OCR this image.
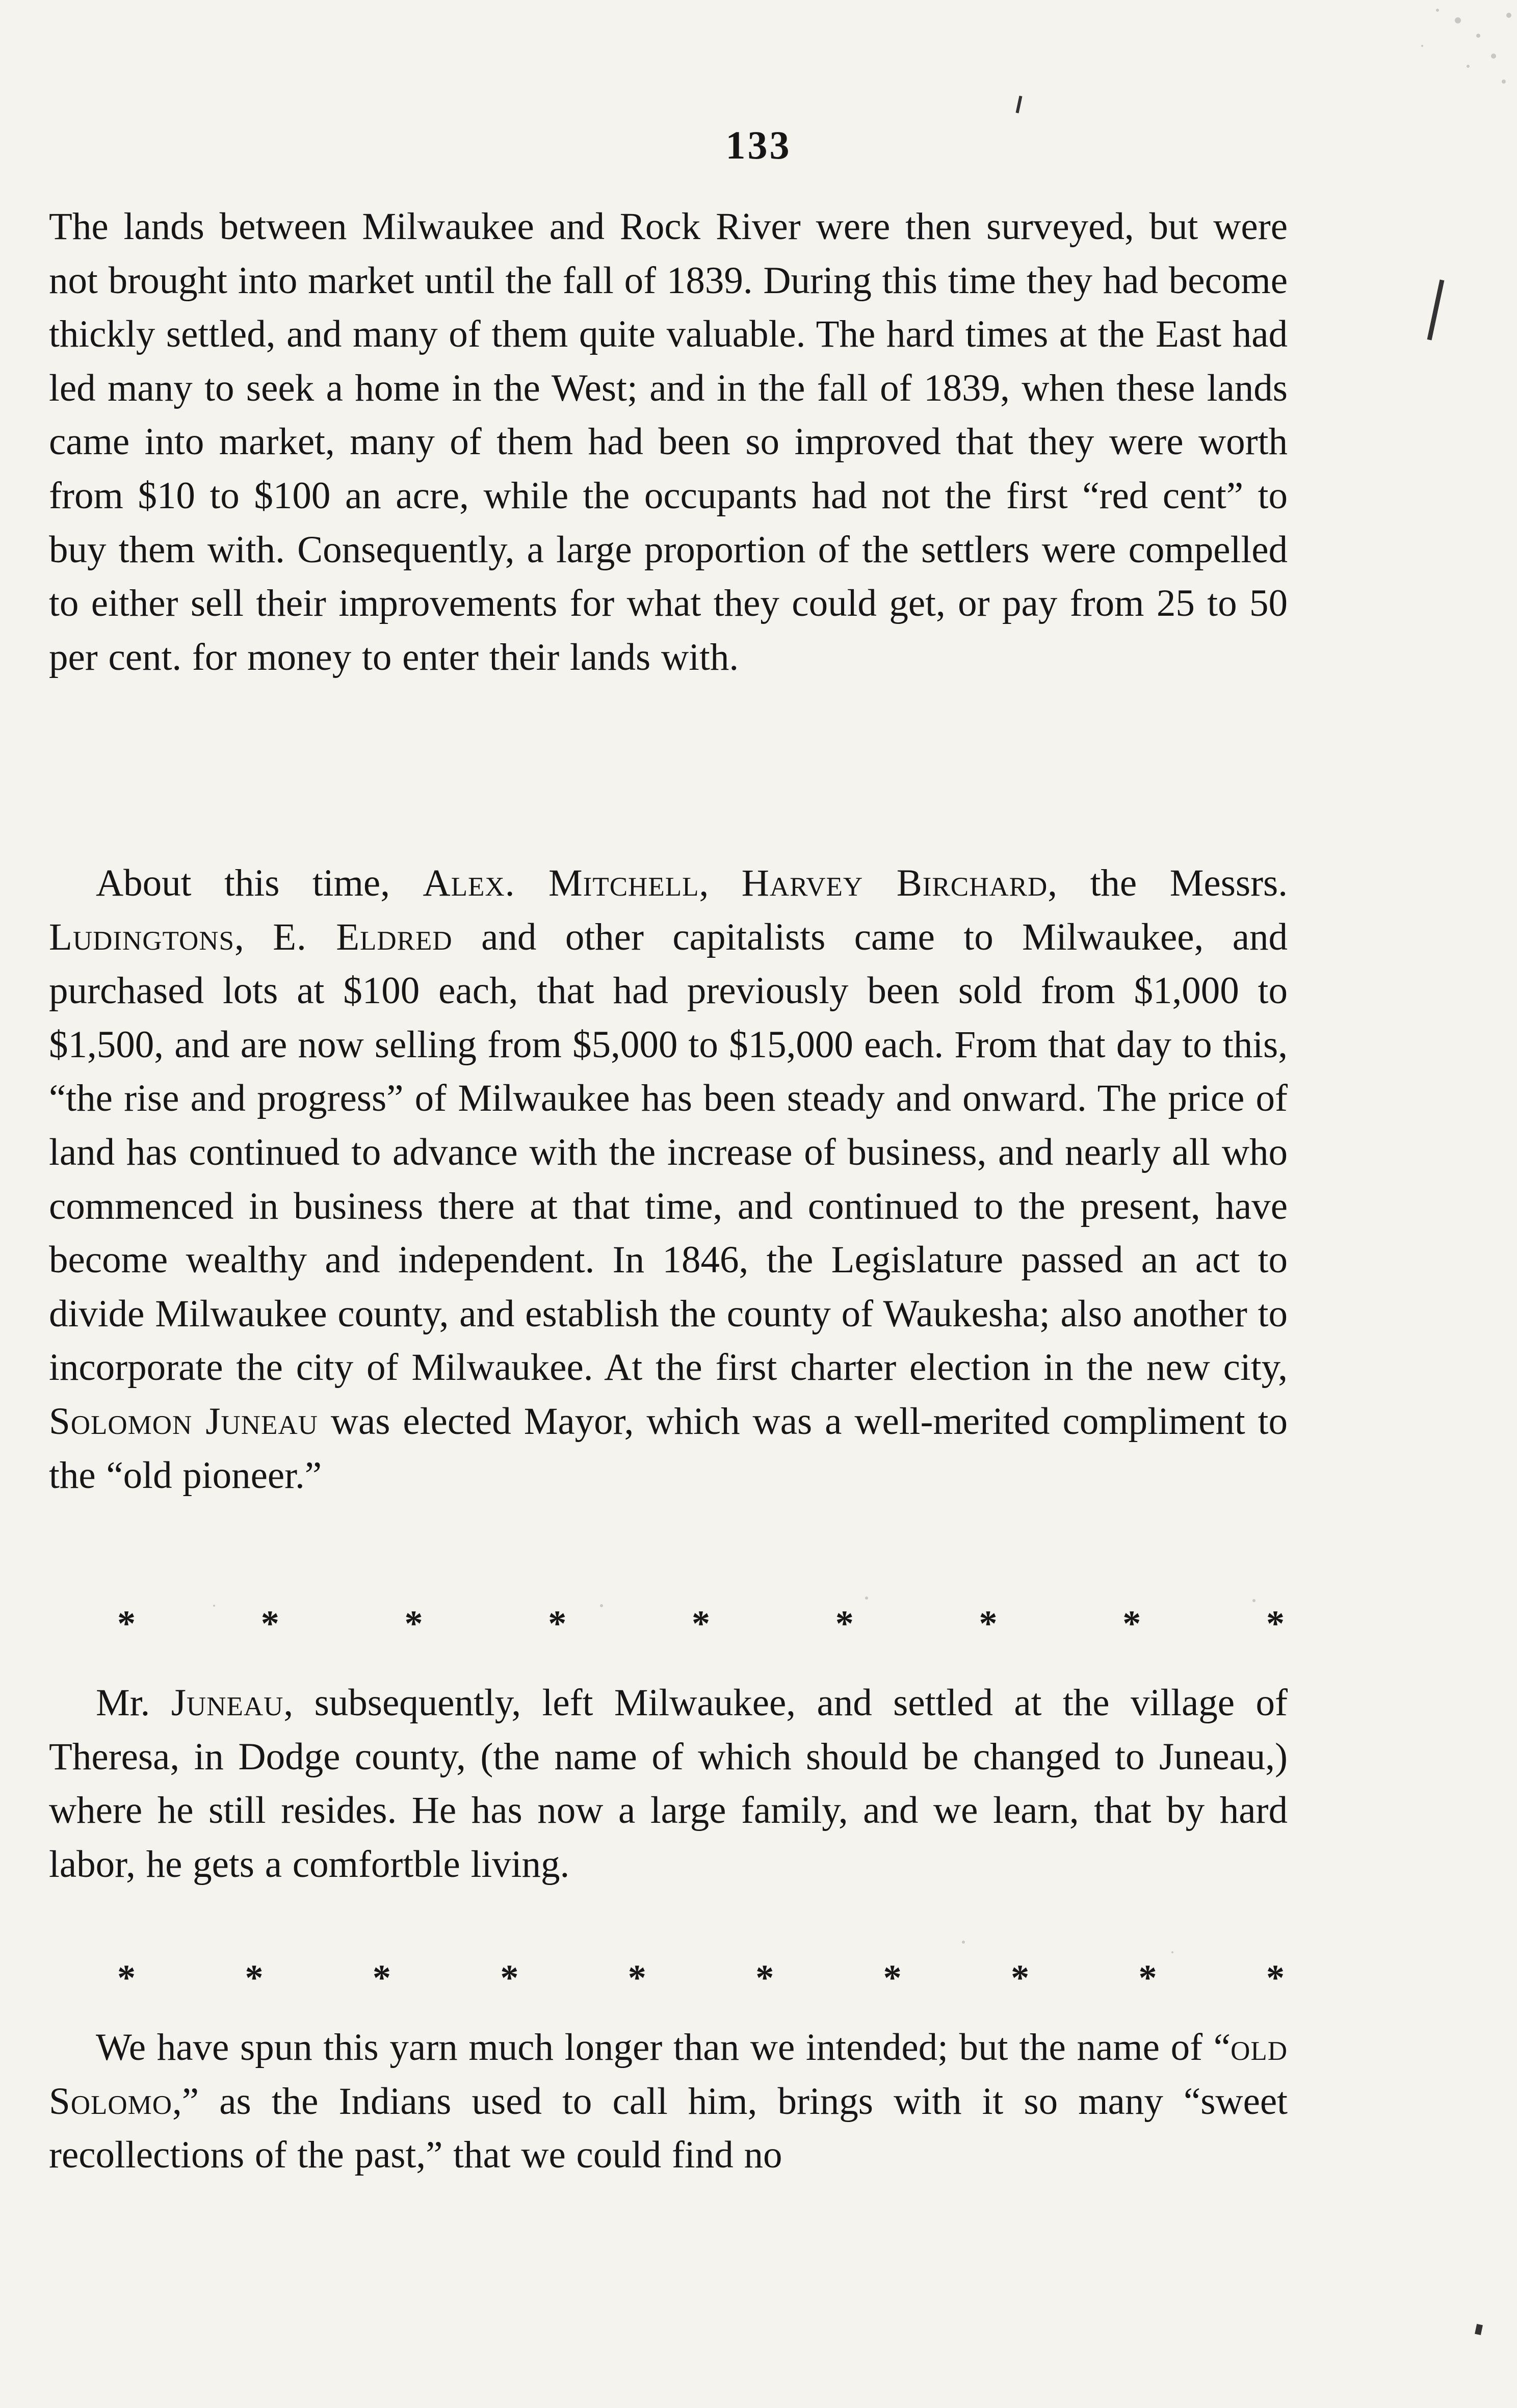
133

The lands between Milwaukee and Rock River were then surveyed, but were not brought into market until the fall of 1839. During this time they had become thickly settled, and many of them quite valuable. The hard times at the East had led many to seek a home in the West; and in the fall of 1839, when these lands came into market, many of them had been so improved that they were worth from $10 to $100 an acre, while the occupants had not the first “red cent” to buy them with. Consequently, a large proportion of the settlers were compelled to either sell their improvements for what they could get, or pay from 25 to 50 per cent. for money to enter their lands with.

About this time, Alex. Mitchell, Harvey Birchard, the Messrs. Ludingtons, E. Eldred and other capitalists came to Milwaukee, and purchased lots at $100 each, that had previously been sold from $1,000 to $1,500, and are now selling from $5,000 to $15,000 each. From that day to this, “the rise and progress” of Milwaukee has been steady and onward. The price of land has continued to advance with the increase of business, and nearly all who commenced in business there at that time, and continued to the present, have become wealthy and independent. In 1846, the Legislature passed an act to divide Milwaukee county, and establish the county of Waukesha; also another to incorporate the city of Milwaukee. At the first charter election in the new city, Solomon Juneau was elected Mayor, which was a well-merited compliment to the “old pioneer.”

*	*	*	*	*	*	*	*	*

Mr. Juneau, subsequently, left Milwaukee, and settled at the village of Theresa, in Dodge county, (the name of which should be changed to Juneau,) where he still resides. He has now a large family, and we learn, that by hard labor, he gets a comfortble living.

*	*	*	*	*	*	*	*	*	*

We have spun this yarn much longer than we intended; but the name of “old Solomo,” as the Indians used to call him, brings with it so many “sweet recollections of the past,” that we could find no
